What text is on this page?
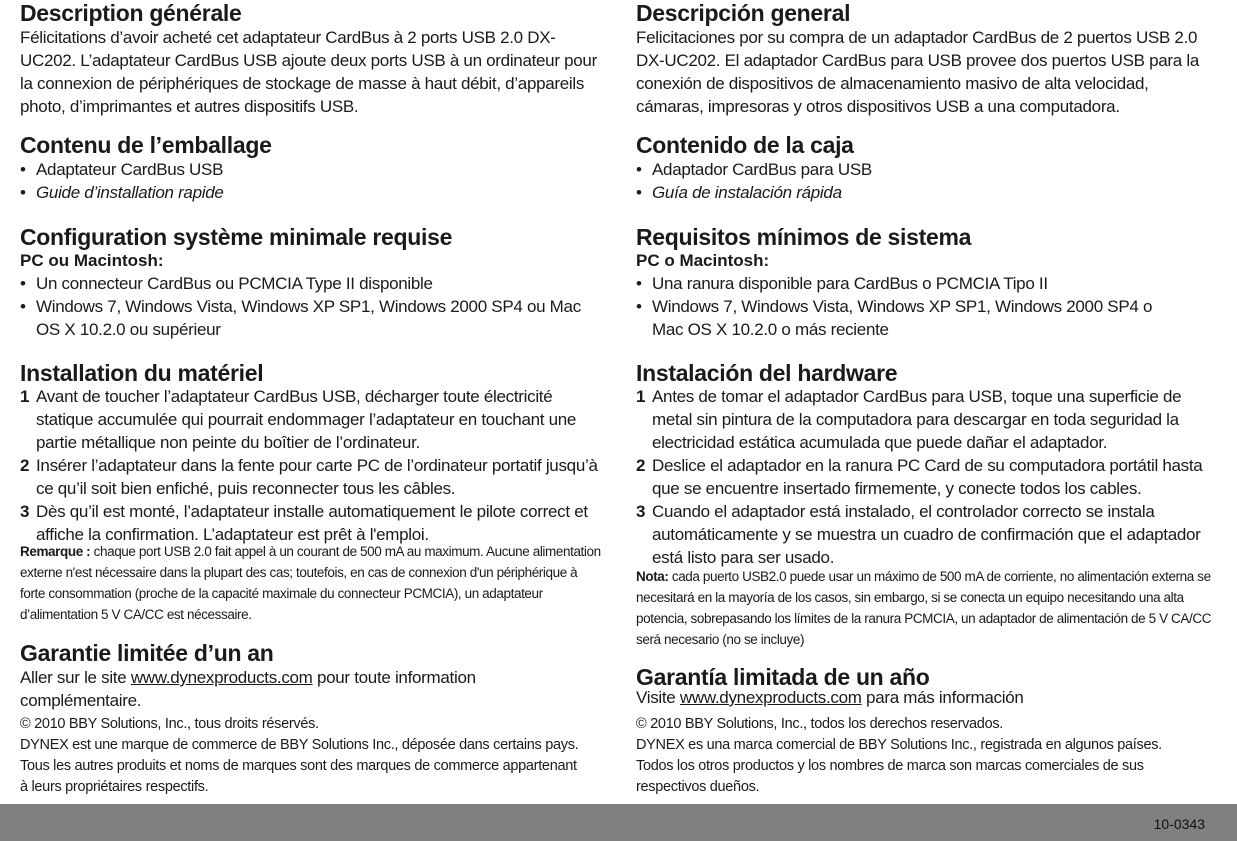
Description générale

Félicitations d’avoir acheté cet adaptateur CardBus à 2 ports USB 2.0 DX-UC202. L’adaptateur CardBus USB ajoute deux ports USB à un ordinateur pour la connexion de périphériques de stockage de masse à haut débit, d’appareils photo, d’imprimantes et autres dispositifs USB.

Contenu de l’emballage
• Adaptateur CardBus USB
• Guide d’installation rapide
Configuration système minimale requise
PC ou Macintosh:
• Un connecteur CardBus ou PCMCIA Type II disponible
• Windows 7, Windows Vista, Windows XP SP1, Windows 2000 SP4 ou Mac OS X 10.2.0 ou supérieur
Installation du matériel
1 Avant de toucher l’adaptateur CardBus USB, décharger toute électricité statique accumulée qui pourrait endommager l’adaptateur en touchant une partie métallique non peinte du boîtier de l’ordinateur.
2 Insérer l’adaptateur dans la fente pour carte PC de l’ordinateur portatif jusqu’à ce qu’il soit bien enfiché, puis reconnecter tous les câbles.
3 Dès qu’il est monté, l’adaptateur installe automatiquement le pilote correct et affiche la confirmation. L’adaptateur est prêt à l'emploi.

Remarque : chaque port USB 2.0 fait appel à un courant de 500 mA au maximum. Aucune alimentation externe n'est nécessaire dans la plupart des cas; toutefois, en cas de connexion d'un périphérique à forte consommation (proche de la capacité maximale du connecteur PCMCIA), un adaptateur d’alimentation 5 V CA/CC est nécessaire.

Garantie limitée d’un an

Aller sur le site www.dynexproducts.com pour toute information complémentaire.

© 2010 BBY Solutions, Inc., tous droits réservés.

DYNEX est une marque de commerce de BBY Solutions Inc., déposée dans certains pays. Tous les autres produits et noms de marques sont des marques de commerce appartenant à leurs propriétaires respectifs.

Descripción general

Felicitaciones por su compra de un adaptador CardBus de 2 puertos USB 2.0 DX-UC202. El adaptador CardBus para USB provee dos puertos USB para la conexión de dispositivos de almacenamiento masivo de alta velocidad, cámaras, impresoras y otros dispositivos USB a una computadora.

Contenido de la caja
• Adaptador CardBus para USB
• Guía de instalación rápida
Requisitos mínimos de sistema
PC o Macintosh:
• Una ranura disponible para CardBus o PCMCIA Tipo II
• Windows 7, Windows Vista, Windows XP SP1, Windows 2000 SP4 o Mac OS X 10.2.0 o más reciente
Instalación del hardware
1 Antes de tomar el adaptador CardBus para USB, toque una superficie de metal sin pintura de la computadora para descargar en toda seguridad la electricidad estática acumulada que puede dañar el adaptador.
2 Deslice el adaptador en la ranura PC Card de su computadora portátil hasta que se encuentre insertado firmemente, y conecte todos los cables.
3 Cuando el adaptador está instalado, el controlador correcto se instala automáticamente y se muestra un cuadro de confirmación que el adaptador está listo para ser usado.

Nota: cada puerto USB2.0 puede usar un máximo de 500 mA de corriente, no alimentación externa se necesitará en la mayoría de los casos, sin embargo, si se conecta un equipo necesitando una alta potencia, sobrepasando los límites de la ranura PCMCIA, un adaptador de alimentación de 5 V CA/CC será necesario (no se incluye)

Garantía limitada de un año

Visite www.dynexproducts.com para más información

© 2010 BBY Solutions, Inc., todos los derechos reservados.

DYNEX es una marca comercial de BBY Solutions Inc., registrada en algunos países. Todos los otros productos y los nombres de marca son marcas comerciales de sus respectivos dueños.

10-0343
